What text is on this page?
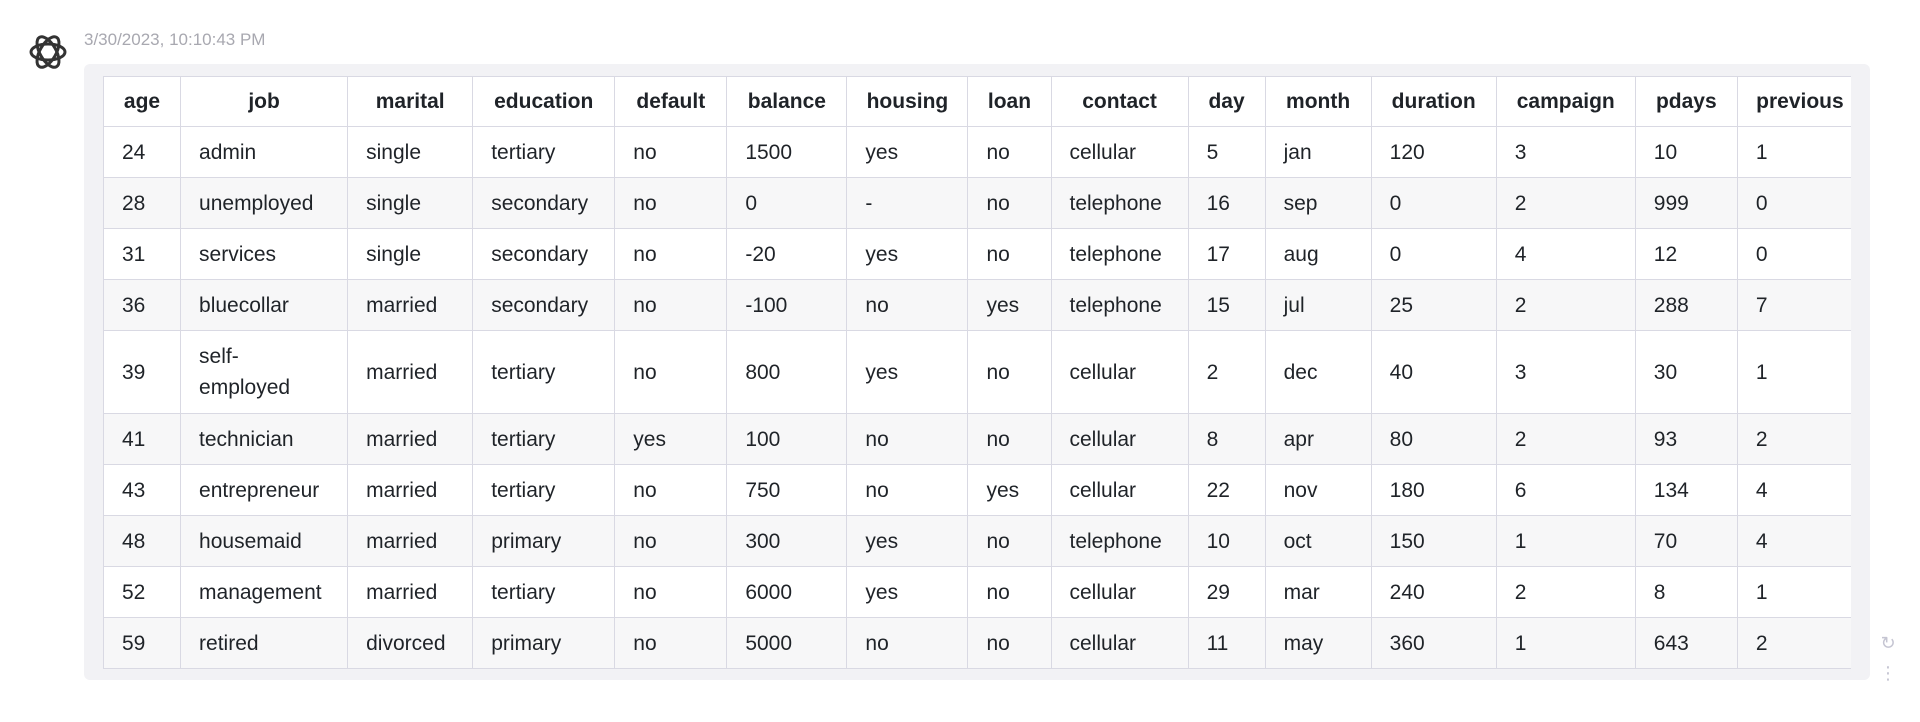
3/30/2023, 10:10:43 PM
age	job	marital	education	default	balance	housing	loan	contact	day	month	duration	campaign	pdays	previous
24	admin	single	tertiary	no	1500	yes	no	cellular	5	jan	120	3	10	1
28	unemployed	single	secondary	no	0	-	no	telephone	16	sep	0	2	999	0
31	services	single	secondary	no	-20	yes	no	telephone	17	aug	0	4	12	0
36	bluecollar	married	secondary	no	-100	no	yes	telephone	15	jul	25	2	288	7
39	self-employed	married	tertiary	no	800	yes	no	cellular	2	dec	40	3	30	1
41	technician	married	tertiary	yes	100	no	no	cellular	8	apr	80	2	93	2
43	entrepreneur	married	tertiary	no	750	no	yes	cellular	22	nov	180	6	134	4
48	housemaid	married	primary	no	300	yes	no	telephone	10	oct	150	1	70	4
52	management	married	tertiary	no	6000	yes	no	cellular	29	mar	240	2	8	1
59	retired	divorced	primary	no	5000	no	no	cellular	11	may	360	1	643	2	↻
⋮
